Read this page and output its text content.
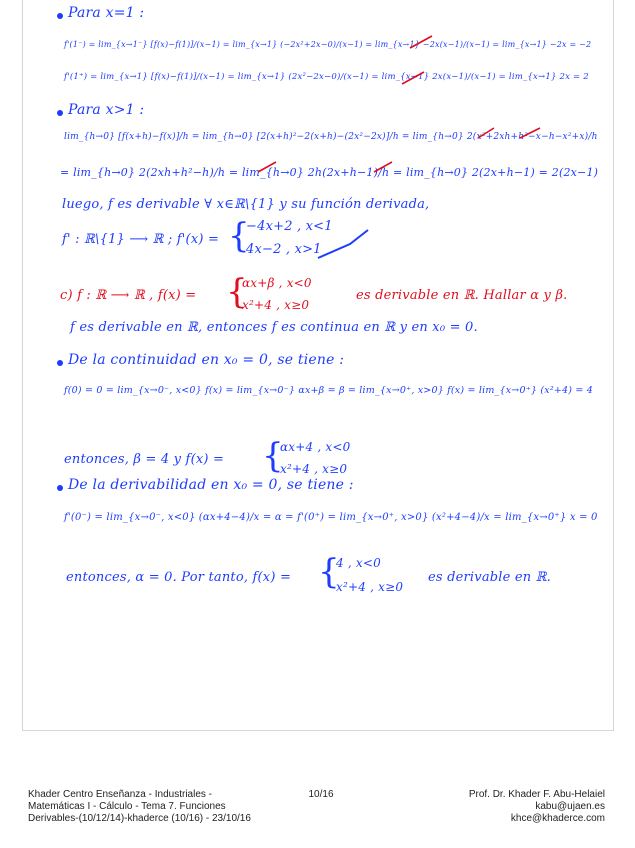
Para x=1 :
f'(1⁻) = lim_{x→1⁻} [f(x)−f(1)]/(x−1) = lim_{x→1} (−2x²+2x−0)/(x−1) = lim_{x→1} −2x(x−1)/(x−1) = lim_{x→1} −2x = −2
f'(1⁺) = lim_{x→1} [f(x)−f(1)]/(x−1) = lim_{x→1} (2x²−2x−0)/(x−1) = lim_{x→1} 2x(x−1)/(x−1) = lim_{x→1} 2x = 2
Para x>1 :
lim_{h→0} [f(x+h)−f(x)]/h = lim_{h→0} [2(x+h)²−2(x+h)−(2x²−2x)]/h = lim_{h→0} 2(x²+2xh+h²−x−h−x²+x)/h
= lim_{h→0} 2(2xh+h²−h)/h = lim_{h→0} 2h(2x+h−1)/h = lim_{h→0} 2(2x+h−1) = 2(2x−1)
luego, f es derivable ∀ x∈ℝ\{1} y su función derivada,
f' : ℝ\{1} ⟶ ℝ ; f'(x) = {
−4x+2 , x<1
4x−2 , x>1
c) f : ℝ ⟶ ℝ , f(x) = {
αx+β , x<0
x²+4 , x≥0
es derivable en ℝ. Hallar α y β.
f es derivable en ℝ, entonces f es continua en ℝ y en x₀ = 0.
De la continuidad en x₀ = 0, se tiene :
f(0) = 0 = lim_{x→0⁻, x<0} f(x) = lim_{x→0⁻} αx+β = β = lim_{x→0⁺, x>0} f(x) = lim_{x→0⁺} (x²+4) = 4
entonces, β = 4 y f(x) = {
αx+4 , x<0
x²+4 , x≥0
De la derivabilidad en x₀ = 0, se tiene :
f'(0⁻) = lim_{x→0⁻, x<0} (αx+4−4)/x = α = f'(0⁺) = lim_{x→0⁺, x>0} (x²+4−4)/x = lim_{x→0⁺} x = 0
entonces, α = 0. Por tanto, f(x) = {
4 , x<0
x²+4 , x≥0
es derivable en ℝ.
Khader Centro Enseñanza - Industriales -
Matemáticas I - Cálculo - Tema 7. Funciones
Derivables-(10/12/14)-khaderce (10/16) - 23/10/16
10/16	Prof. Dr. Khader F. Abu-Helaiel
kabu@ujaen.es
khce@khaderce.com
